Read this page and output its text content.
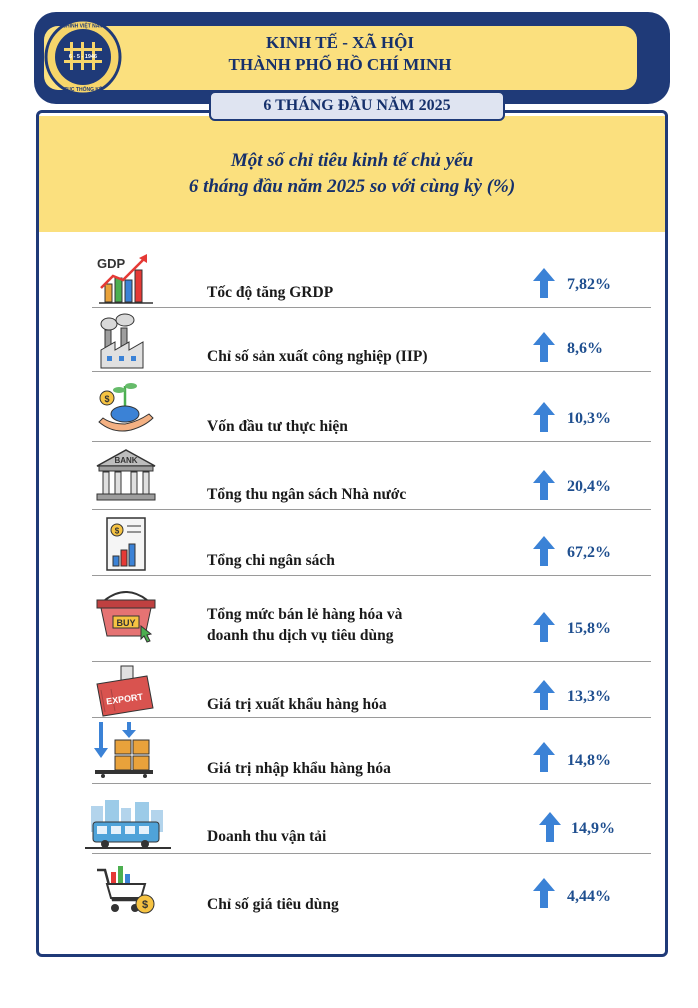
CHÍNH VIỆT NAM
6 - 5 - 1946
CỤC THỐNG KÊ
KINH TẾ - XÃ HỘI
THÀNH PHỐ HỒ CHÍ MINH
6 THÁNG ĐẦU NĂM 2025
Một số chỉ tiêu kinh tế chủ yếu
6 tháng đầu năm 2025 so với cùng kỳ (%)
GDP
Tốc độ tăng GRDP	7,82%
Chỉ số sản xuất công nghiệp (IIP)	8,6%
$
Vốn đầu tư thực hiện	10,3%
BANK
Tổng thu ngân sách Nhà nước	20,4%
$
Tổng chi ngân sách	67,2%
BUY	Tổng mức bán lẻ hàng hóa và
doanh thu dịch vụ tiêu dùng	15,8%
EXPORT	Giá trị xuất khẩu hàng hóa	13,3%
Giá trị nhập khẩu hàng hóa	14,8%
Doanh thu vận tải	14,9%
$	Chỉ số giá tiêu dùng	4,44%
